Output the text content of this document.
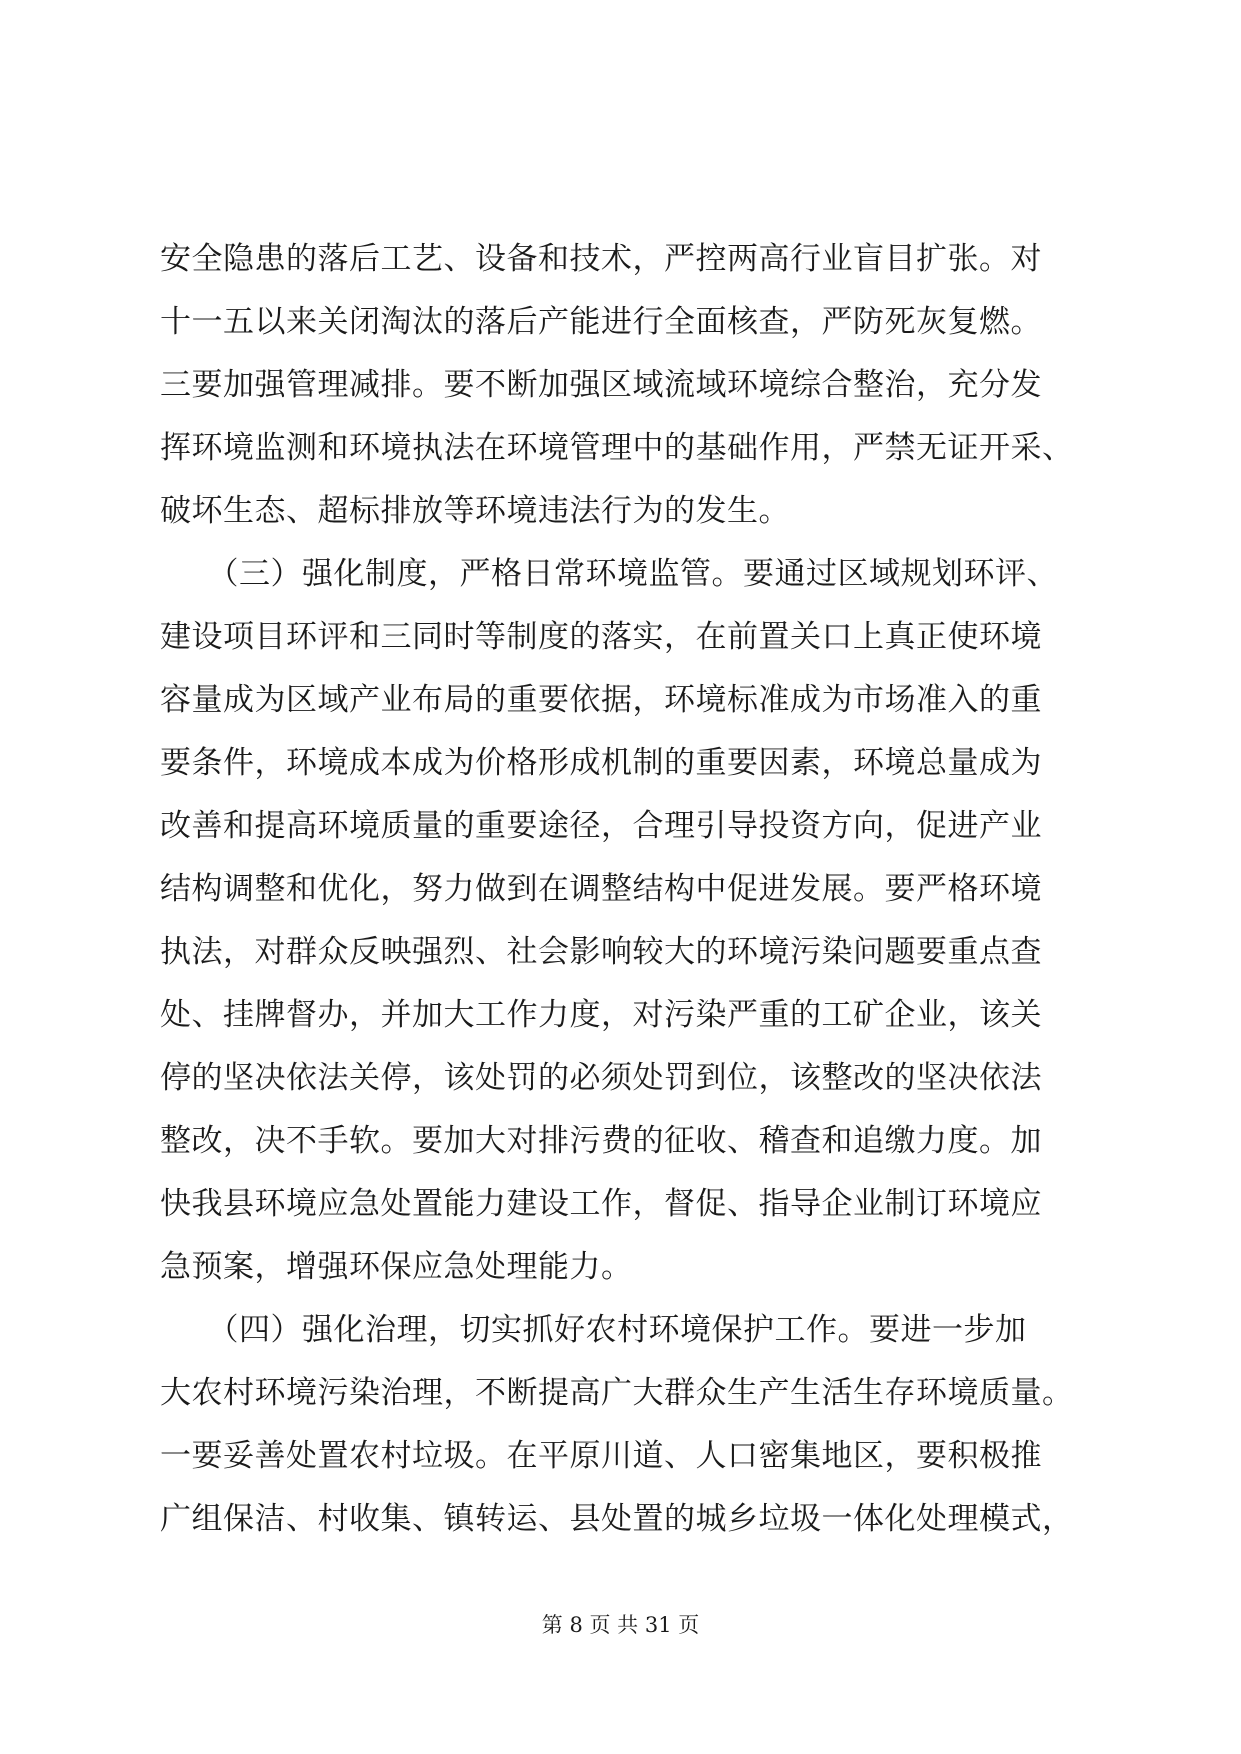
安全隐患的落后工艺、设备和技术，严控两高行业盲目扩张。对
十一五以来关闭淘汰的落后产能进行全面核查，严防死灰复燃。
三要加强管理减排。要不断加强区域流域环境综合整治，充分发
挥环境监测和环境执法在环境管理中的基础作用，严禁无证开采、
破坏生态、超标排放等环境违法行为的发生。
　　（三）强化制度，严格日常环境监管。要通过区域规划环评、
建设项目环评和三同时等制度的落实，在前置关口上真正使环境
容量成为区域产业布局的重要依据，环境标准成为市场准入的重
要条件，环境成本成为价格形成机制的重要因素，环境总量成为
改善和提高环境质量的重要途径，合理引导投资方向，促进产业
结构调整和优化，努力做到在调整结构中促进发展。要严格环境
执法，对群众反映强烈、社会影响较大的环境污染问题要重点查
处、挂牌督办，并加大工作力度，对污染严重的工矿企业，该关
停的坚决依法关停，该处罚的必须处罚到位，该整改的坚决依法
整改，决不手软。要加大对排污费的征收、稽查和追缴力度。加
快我县环境应急处置能力建设工作，督促、指导企业制订环境应
急预案，增强环保应急处理能力。
　　（四）强化治理，切实抓好农村环境保护工作。要进一步加
大农村环境污染治理，不断提高广大群众生产生活生存环境质量。
一要妥善处置农村垃圾。在平原川道、人口密集地区，要积极推
广组保洁、村收集、镇转运、县处置的城乡垃圾一体化处理模式，
第 8 页 共 31 页
